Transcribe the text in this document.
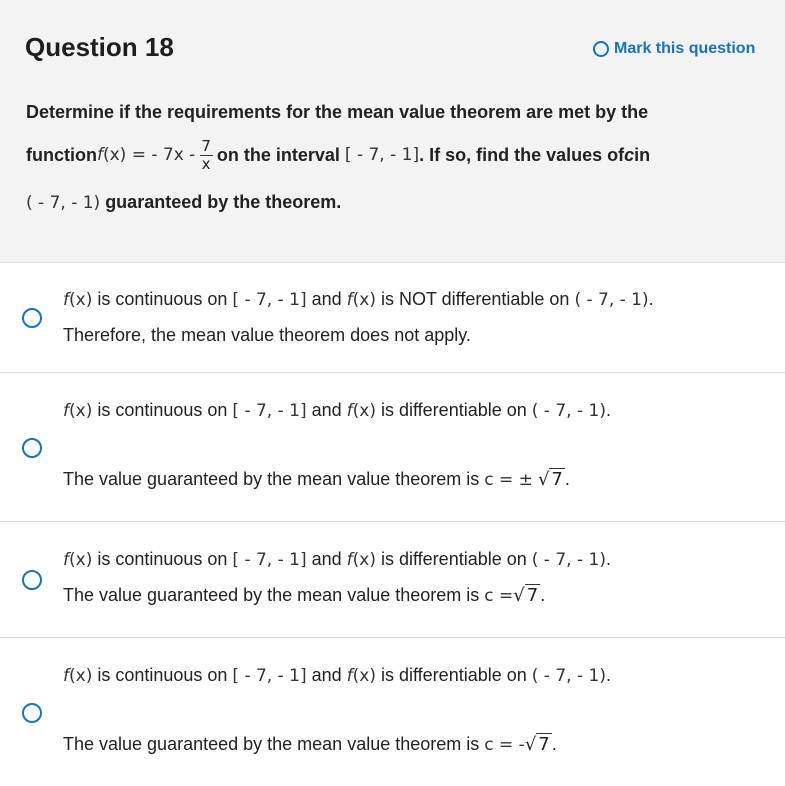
Question 18	Mark this question
Determine if the requirements for the mean value theorem are met by the
function f (x) = - $7x - \frac{7}{x}$ on the interval
[ - 7, - 1] . If so, find the values of c in
( - 7, - 1) guaranteed by the theorem.
f(x) is continuous on [ - 7, - 1] and f(x) is NOT differentiable on ( - 7, - 1).
Therefore, the mean value theorem does not apply.
f(x) is continuous on [ - 7, - 1] and f(x) is differentiable on ( - 7, - 1).
The value guaranteed by the mean value theorem is c = ± √ 7 .
f(x) is continuous on [ - 7, - 1] and f(x) is differentiable on ( - 7, - 1).
The value guaranteed by the mean value theorem is c =√ 7 .
f(x) is continuous on [ - 7, - 1] and f(x) is differentiable on ( - 7, - 1).
The value guaranteed by the mean value theorem is c = -√ 7 .
